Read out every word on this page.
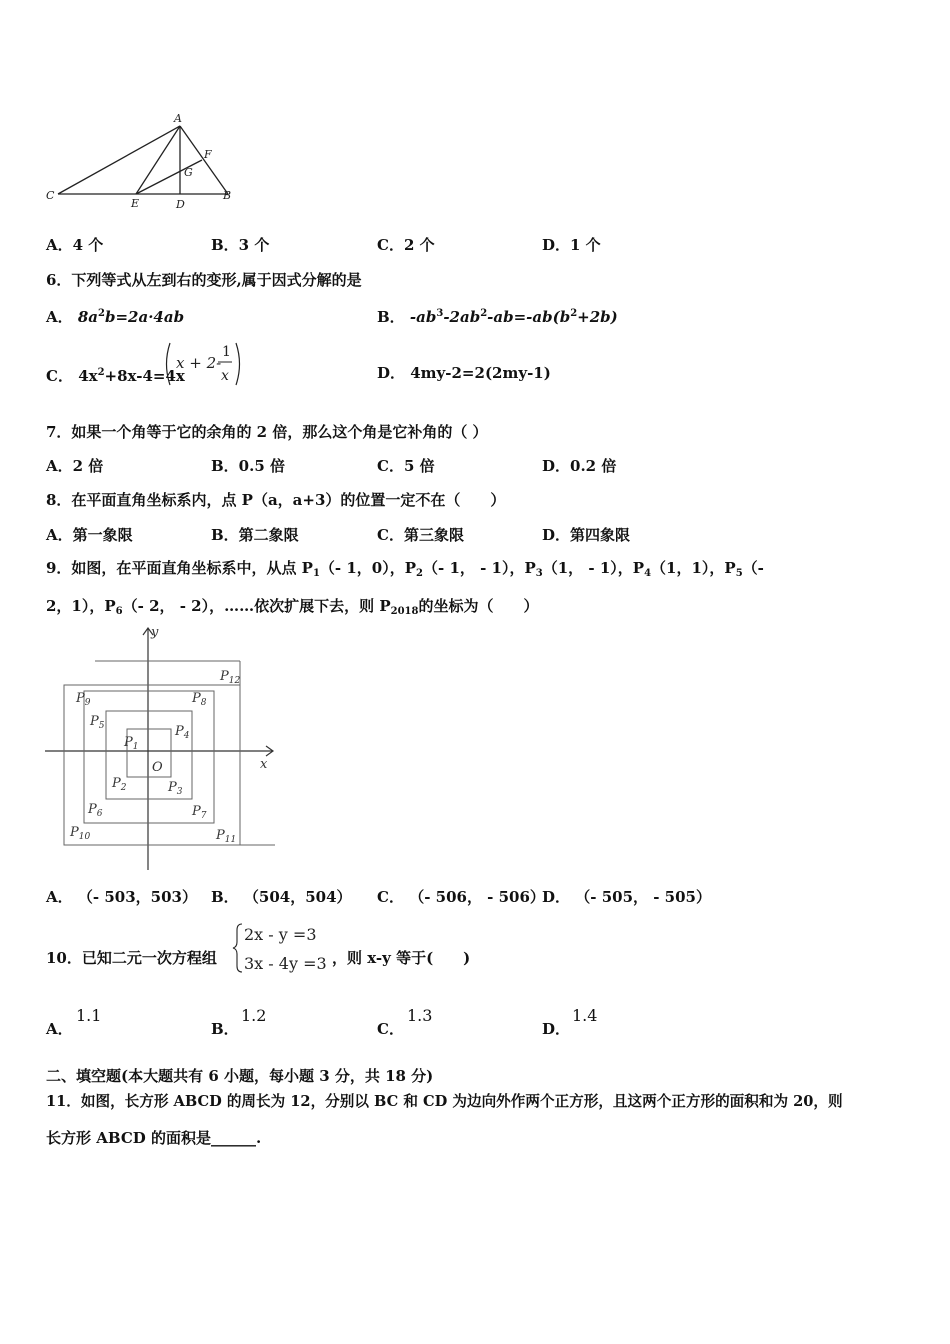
A
F
G
C
E	D
B
A．4 个	B．3 个	C．2 个	D．1 个
6．下列等式从左到右的变形,属于因式分解的是
A． $8a^2b=2a\cdot 4ab$	B． $-ab^3-2ab^2-ab=-ab(b^2+2b)$
C． $4x^2+8x-4=4x$
x + 2-
1
x	D． 4my-2=2(2my-1)
7．如果一个角等于它的余角的 2 倍，那么这个角是它补角的（ ）
A．2 倍	B．0.5 倍	C．5 倍	D．0.2 倍
8．在平面直角坐标系内，点 P（a，a+3）的位置一定不在（　　）
A．第一象限	B．第二象限	C．第三象限	D．第四象限
9．如图，在平面直角坐标系中，从点 $P_1(-$ 1，0），$P_2(-$ 1， - 1），$P_3(1$， - 1），$P_4(1$，1），$P_5(-$
2，1），$P_6(-$ 2， - 2），……依次扩展下去，则 $P_{2018}$的坐标为（　　）
y
x
O
$P_1$
$P_2$	$P_3$
$P_4$
$P_5$
$P_6$	$P_7$
$P_8$
$P_9$
$P_{10}$	$P_{11}$
$P_{12}$
A． （- 503，503） B． （504，504） C． （- 506， - 506）
D． （- 505， - 505）
10．已知二元一次方程组
2x - y =3
3x - 4y =3 ，则 x-y 等于(　　)
A．
1.1
B．
1.2
C．
1.3
D．
1.4
二、填空题(本大题共有 6 小题，每小题 3 分，共 18 分)
11．如图，长方形 ABCD 的周长为 12，分别以 BC 和 CD 为边向外作两个正方形，且这两个正方形的面积和为 20，则
长方形 ABCD 的面积是______.
